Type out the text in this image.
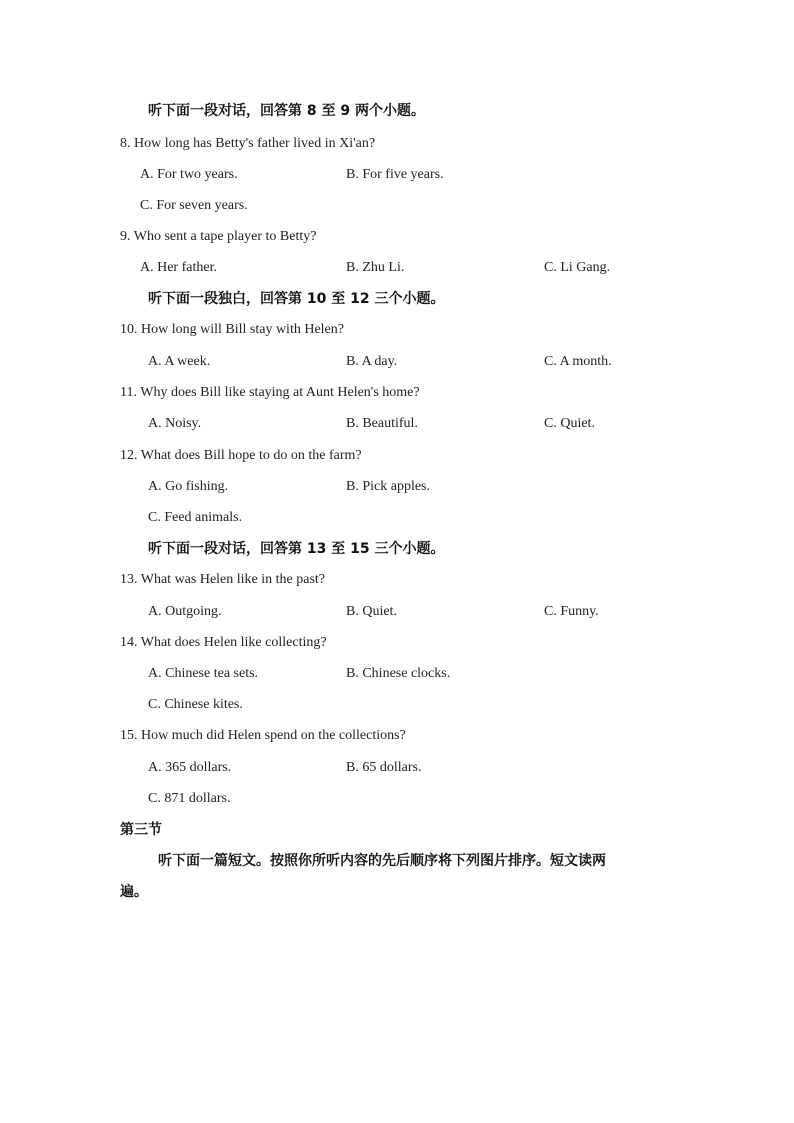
听下面一段对话，回答第 8 至 9 两个小题。
8. How long has Betty's father lived in Xi'an?
A. For two years.	B. For five years.
C. For seven years.
9. Who sent a tape player to Betty?
A. Her father.	B. Zhu Li.	C. Li Gang.
听下面一段独白，回答第 10 至 12 三个小题。
10. How long will Bill stay with Helen?
A. A week.	B. A day.	C. A month.
11. Why does Bill like staying at Aunt Helen's home?
A. Noisy.	B. Beautiful.	C. Quiet.
12. What does Bill hope to do on the farm?
A. Go fishing.	B. Pick apples.
C. Feed animals.
听下面一段对话，回答第 13 至 15 三个小题。
13. What was Helen like in the past?
A. Outgoing.	B. Quiet.	C. Funny.
14. What does Helen like collecting?
A. Chinese tea sets.	B. Chinese clocks.
C. Chinese kites.
15. How much did Helen spend on the collections?
A. 365 dollars.	B. 65 dollars.
C. 871 dollars.
第三节
听下面一篇短文。按照你所听内容的先后顺序将下列图片排序。短文读两
遍。
